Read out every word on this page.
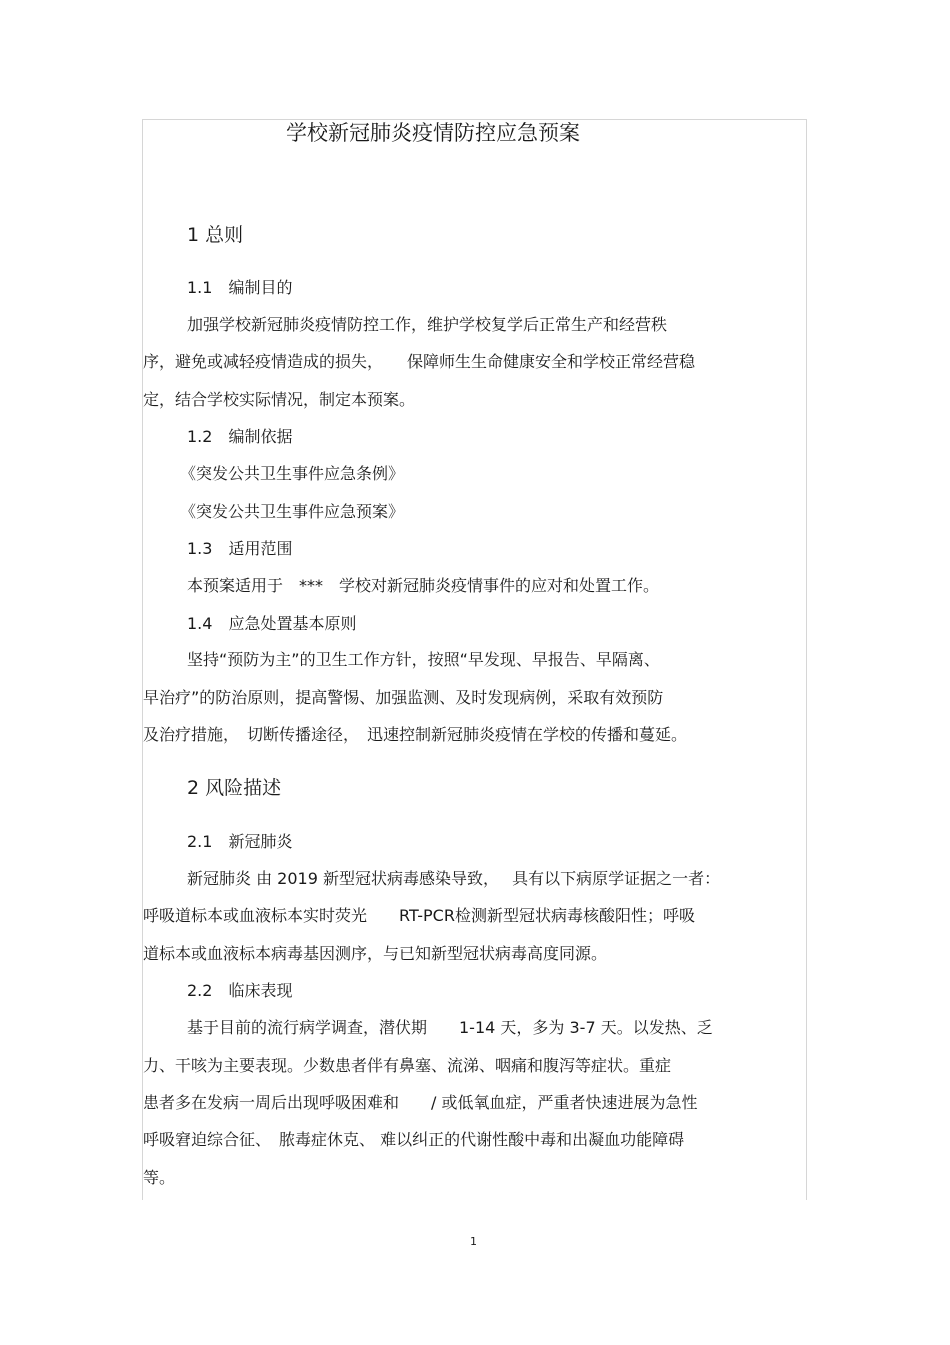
学校新冠肺炎疫情防控应急预案
1 总则
1.1　编制目的
加强学校新冠肺炎疫情防控工作，维护学校复学后正常生产和经营秩
序，避免或减轻疫情造成的损失，　　保障师生生命健康安全和学校正常经营稳
定，结合学校实际情况，制定本预案。
1.2　编制依据
《突发公共卫生事件应急条例》
《突发公共卫生事件应急预案》
1.3　适用范围
本预案适用于　***　学校对新冠肺炎疫情事件的应对和处置工作。
1.4　应急处置基本原则
坚持“预防为主”的卫生工作方针，按照“早发现、早报告、早隔离、
早治疗”的防治原则，提高警惕、加强监测、及时发现病例，采取有效预防
及治疗措施，　切断传播途径，　迅速控制新冠肺炎疫情在学校的传播和蔓延。
2 风险描述
2.1　新冠肺炎
新冠肺炎 由 2019 新型冠状病毒感染导致，　 具有以下病原学证据之一者：
呼吸道标本或血液标本实时荧光　　RT-PCR检测新型冠状病毒核酸阳性；呼吸
道标本或血液标本病毒基因测序，与已知新型冠状病毒高度同源。
2.2　临床表现
基于目前的流行病学调查，潜伏期　　1-14 天，多为 3-7 天。以发热、乏
力、干咳为主要表现。少数患者伴有鼻塞、流涕、咽痛和腹泻等症状。重症
患者多在发病一周后出现呼吸困难和　　/ 或低氧血症，严重者快速进展为急性
呼吸窘迫综合征、　脓毒症休克、 难以纠正的代谢性酸中毒和出凝血功能障碍
等。
1
